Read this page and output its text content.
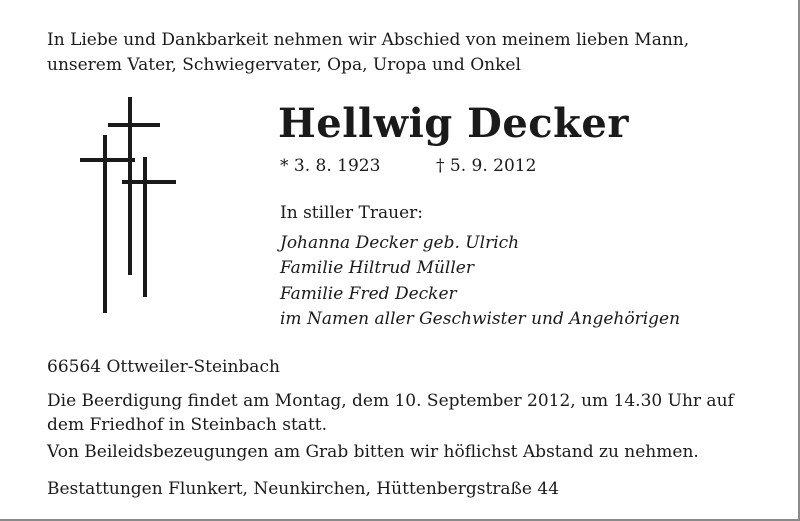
In Liebe und Dankbarkeit nehmen wir Abschied von meinem lieben Mann,
unserem Vater, Schwiegervater, Opa, Uropa und Onkel
Hellwig Decker
* 3. 8. 1923	† 5. 9. 2012
In stiller Trauer:
Johanna Decker geb. Ulrich
Familie Hiltrud Müller
Familie Fred Decker
im Namen aller Geschwister und Angehörigen
66564 Ottweiler-Steinbach
Die Beerdigung findet am Montag, dem 10. September 2012, um 14.30 Uhr auf
dem Friedhof in Steinbach statt.
Von Beileidsbezeugungen am Grab bitten wir höflichst Abstand zu nehmen.
Bestattungen Flunkert, Neunkirchen, Hüttenbergstraße 44
